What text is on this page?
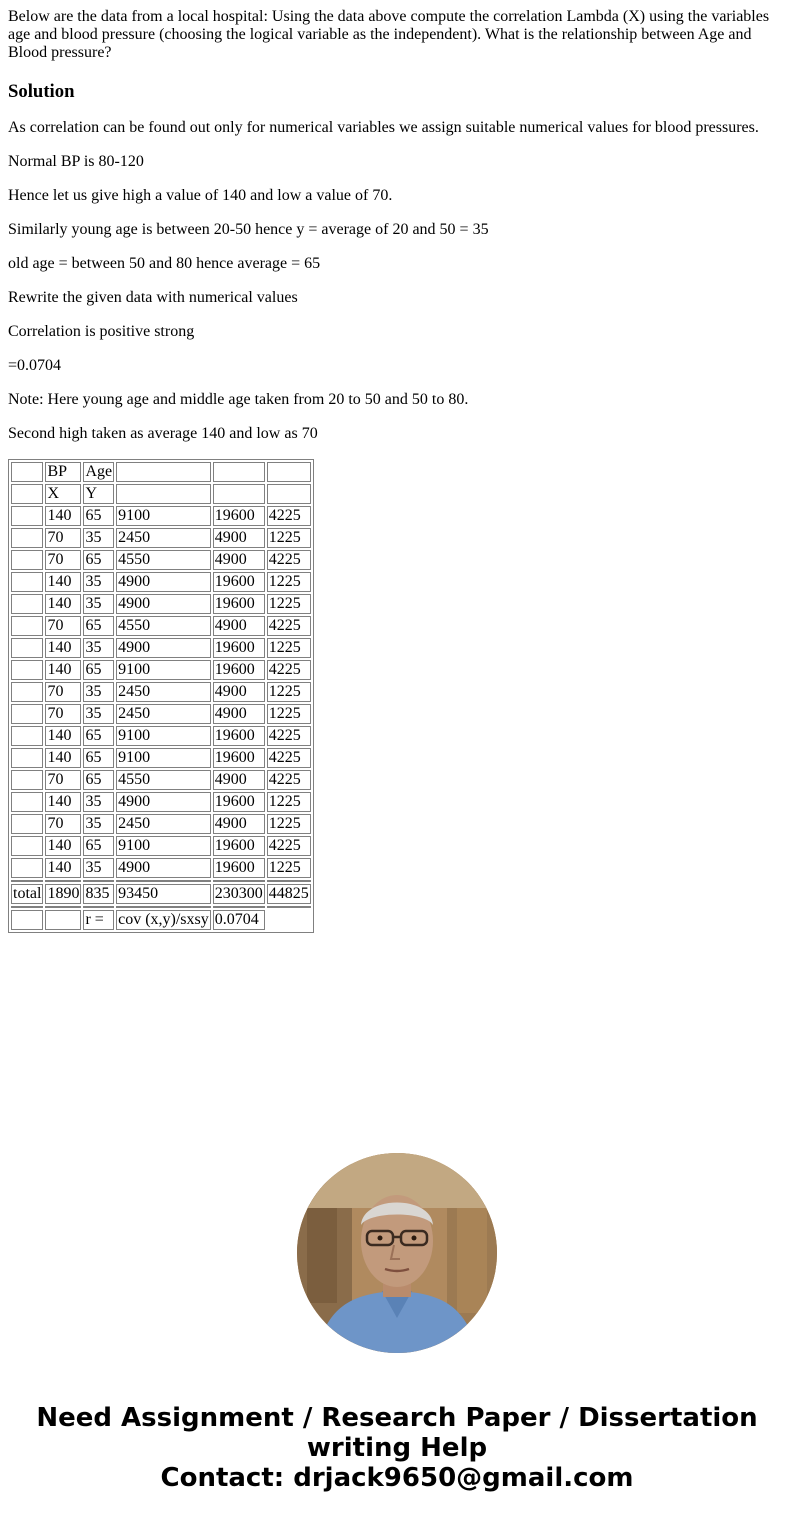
Below are the data from a local hospital: Using the data above compute the correlation Lambda (X) using the variables age and blood pressure (choosing the logical variable as the independent). What is the relationship between Age and Blood pressure?
Solution
As correlation can be found out only for numerical variables we assign suitable numerical values for blood pressures.
Normal BP is 80-120
Hence let us give high a value of 140 and low a value of 70.
Similarly young age is between 20-50 hence y = average of 20 and 50 = 35
old age = between 50 and 80 hence average = 65
Rewrite the given data with numerical values
Correlation is positive strong
=0.0704
Note: Here young age and middle age taken from 20 to 50 and 50 to 80.
Second high taken as average 140 and low as 70
	BP	Age			
	X	Y			
	140	65	9100	19600	4225
	70	35	2450	4900	1225
	70	65	4550	4900	4225
	140	35	4900	19600	1225
	140	35	4900	19600	1225
	70	65	4550	4900	4225
	140	35	4900	19600	1225
	140	65	9100	19600	4225
	70	35	2450	4900	1225
	70	35	2450	4900	1225
	140	65	9100	19600	4225
	140	65	9100	19600	4225
	70	65	4550	4900	4225
	140	35	4900	19600	1225
	70	35	2450	4900	1225
	140	65	9100	19600	4225
	140	35	4900	19600	1225

total	1890	835	93450	230300	44825

		r =	cov (x,y)/sxsy	0.0704	
Need Assignment / Research Paper / Dissertation
writing Help
Contact: drjack9650@gmail.com
